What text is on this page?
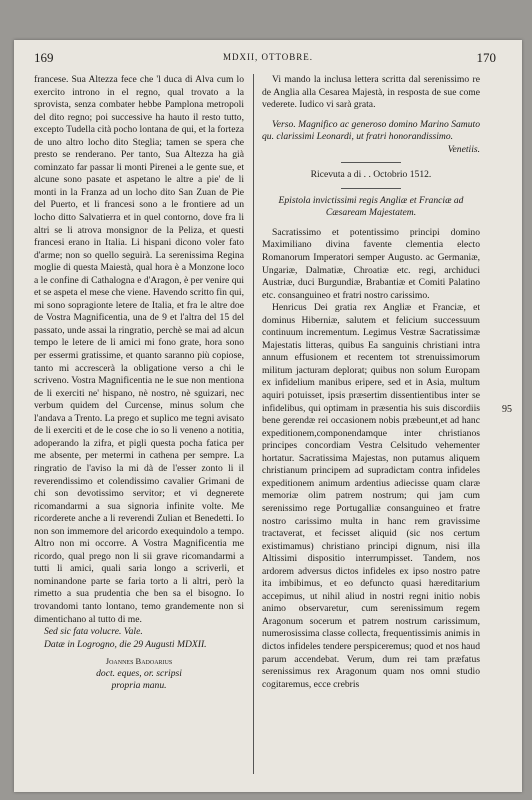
169	MDXII, OTTOBRE.	170

francese. Sua Altezza fece che 'l duca di Alva cum lo exercito introno in el regno, qual trovato a la sprovista, senza combater hebbe Pamplona metropoli del dito regno; poi successive ha hauto il resto tutto, excepto Tudella cità pocho lontana de qui, et la forteza de uno altro locho dito Steglia; tamen se spera che presto se renderano. Per tanto, Sua Altezza ha già cominzato far passar li monti Pirenei a le gente sue, et alcune sono pasate et aspetano le altre a pie' de li monti in la Franza ad un locho dito San Zuan de Pie del Puerto, et li francesi sono a le frontiere ad un locho ditto Salvatierra et in quel contorno, dove fra li altri se li atrova monsignor de la Peliza, et questi francesi erano in Italia. Li hispani dicono voler fato d'arme; non so quello seguirà. La serenissima Regina moglie di questa Maiestà, qual hora è a Monzone loco a le confine di Cathalogna e d'Aragon, è per venire qui et se aspeta el mese che viene. Havendo scritto fin qui, mi sono sopragionte letere de Italia, et fra le altre doe de Vostra Magnificentia, una de 9 et l'altra del 15 del passato, unde assai la ringratio, perchè se mai ad alcun tempo le letere de li amici mi fono grate, hora sono per essermi gratissime, et quanto saranno più copiose, tanto mi accrescerà la obligatione verso a chi le scriveno. Vostra Magnificentia ne le sue non mentiona de li exerciti ne' hispano, nè nostro, nè sguizari, nec verbum quidem del Curcense, minus solum che l'andava a Trento. La prego et suplico me tegni avisato de li exerciti et de le cose che io so li veneno a notitia, adoperando la zifra, et pigli questa pocha fatica per me absente, per metermi in cathena per sempre. La ringratio de l'aviso la mi dà de l'esser zonto li il reverendissimo et colendissimo cavalier Grimani de chi son devotissimo servitor; et vi degnerete ricomandarmi a sua signoria infinite volte. Me ricorderete anche a li reverendi Zulian et Benedetti. Io non son immemore del aricordo exequindolo a tempo. Altro non mi occorre. A Vostra Magnificentia me ricordo, qual prego non li sii grave ricomandarmi a tutti li amici, quali saria longo a scriverli, et nominandone parte se faria torto a li altri, però la rimetto a sua prudentia che ben sa el bisogno. Io trovandomi tanto lontano, temo grandemente non si dimentichano al tutto di me.

Sed sic fata volucre. Vale.

Datæ in Logrogno, die 29 Augusti MDXII.

Joannes Badoarius
doct. eques, or. scripsi
propria manu.

Vi mando la inclusa lettera scritta dal serenissimo re de Anglia alla Cesarea Majestà, in resposta de sue come vederete. Iudico vi sarà grata.

Verso. Magnifico ac generoso domino Marino Samuto qu. clarissimi Leonardi, ut fratri honorandissimo.

Venetiis.

Ricevuta a di . . Octobrio 1512.

Epistola invictissimi regis Angliæ et Franciæ ad Cæsaream Majestatem.

Sacratissimo et potentissimo principi domino Maximiliano divina favente clementia electo Romanorum Imperatori semper Augusto. ac Germaniæ, Ungariæ, Dalmatiæ, Chroatiæ etc. regi, archiduci Austriæ, duci Burgundiæ, Brabantiæ et Comiti Palatino etc. consanguineo et fratri nostro carissimo.

Henricus Dei gratia rex Angliæ et Franciæ, et dominus Hiberniæ, salutem et felicium successuum continuum incrementum. Legimus Vestræ Sacratissimæ Majestatis litteras, quibus Ea sanguinis christiani intra annum effusionem et recentem tot strenuissimorum militum jacturam deplorat; quibus non solum Europam ex infidelium manibus eripere, sed et in Asia, multum aquiri potuisset, ipsis præsertim dissentientibus inter se infidelibus, qui optimam in præsentia his suis discordiis bene gerendæ rei occasionem nobis præbeunt,et ad hanc expeditionem,componendamque inter christianos principes concordiam Vestra Celsitudo vehementer hortatur. Sacratissima Majestas, non putamus aliquem christianum principem ad supradictam contra infideles expeditionem animum ardentius adiecisse quam claræ memoriæ olim patrem nostrum; qui jam cum serenissimo rege Portugalliæ consanguineo et fratre nostro carissimo multa in hanc rem gravissime tractaverat, et fecisset aliquid (sic nos certum existimamus) christiano principi dignum, nisi illa Altissimi dispositio interrumpisset. Tandem, nos ardorem adversus dictos infideles ex ipso nostro patre ita imbibimus, et eo defuncto quasi hæreditarium accepimus, ut nihil aliud in nostri regni initio nobis animo observaretur, cum serenissimum regem Aragonum socerum et patrem nostrum carissimum, numerosissima classe collecta, frequentissimis animis in dictos infideles tendere perspiceremus; quod et nos haud parum accendebat. Verum, dum rei tam præfatus serenissimus rex Aragonum quam nos omni studio cogitaremus, ecce crebris

95
